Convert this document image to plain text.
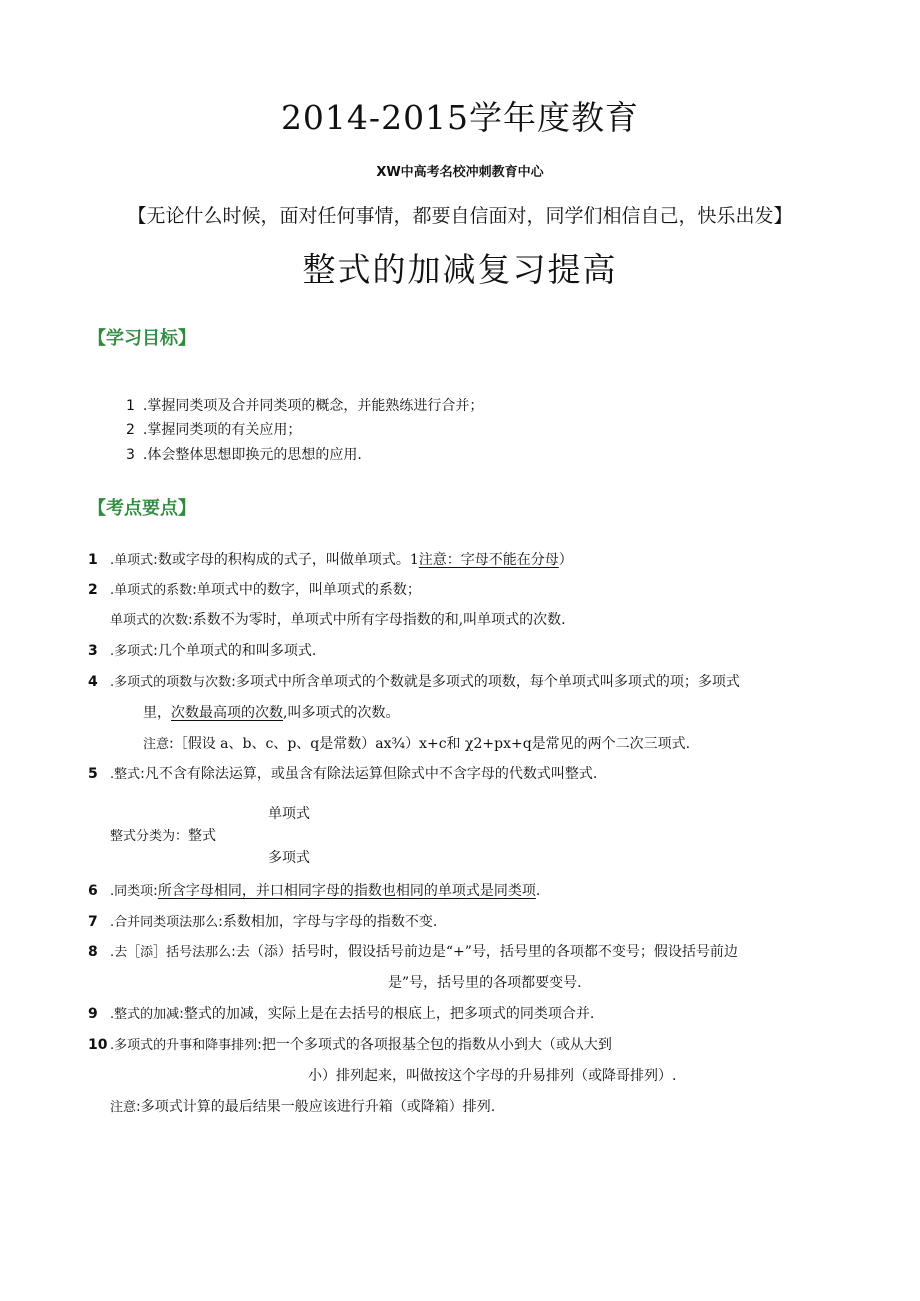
2014-2015学年度教育
XW中高考名校冲刺教育中心
【无论什么时候，面对任何事情，都要自信面对，同学们相信自己，快乐出发】
整式的加减复习提高
【学习目标】
1 .掌握同类项及合并同类项的概念，并能熟练进行合并；
2 .掌握同类项的有关应用；
3 .体会整体思想即换元的思想的应用.
【考点要点】
1 .单项式:数或字母的积构成的式子，叫做单项式。1注意：字母不能在分母）
2 .单项式的系数:单项式中的数字，叫单项式的系数；
单项式的次数:系数不为零时，单项式中所有字母指数的和,叫单项式的次数.
3 .多项式:几个单项式的和叫多项式.
4 .多项式的项数与次数:多项式中所含单项式的个数就是多项式的项数，每个单项式叫多项式的项；多项式
里，次数最高项的次数,叫多项式的次数。
注意:［假设 a、b、c、p、q是常数）ax¾）x+c和 χ2+px+q是常见的两个二次三项式.
5 .整式:凡不含有除法运算，或虽含有除法运算但除式中不含字母的代数式叫整式.
单项式
整式分类为：整式
多项式
6 .同类项:所含字母相同，并口相同字母的指数也相同的单项式是同类项.
7 .合并同类项法那么:系数相加，字母与字母的指数不变.
8 .去［添］括号法那么:去（添）括号时，假设括号前边是“+”号，括号里的各项都不变号；假设括号前边
是”号，括号里的各项都要变号.
9 .整式的加减:整式的加减，实际上是在去括号的根底上，把多项式的同类项合并.
10 .多项式的升事和降事排列:把一个多项式的各项报基仝包的指数从小到大（或从大到
小）排列起来，叫做按这个字母的升易排列（或降哥排列）.
注意:多项式计算的最后结果一般应该进行升箱（或降箱）排列.
